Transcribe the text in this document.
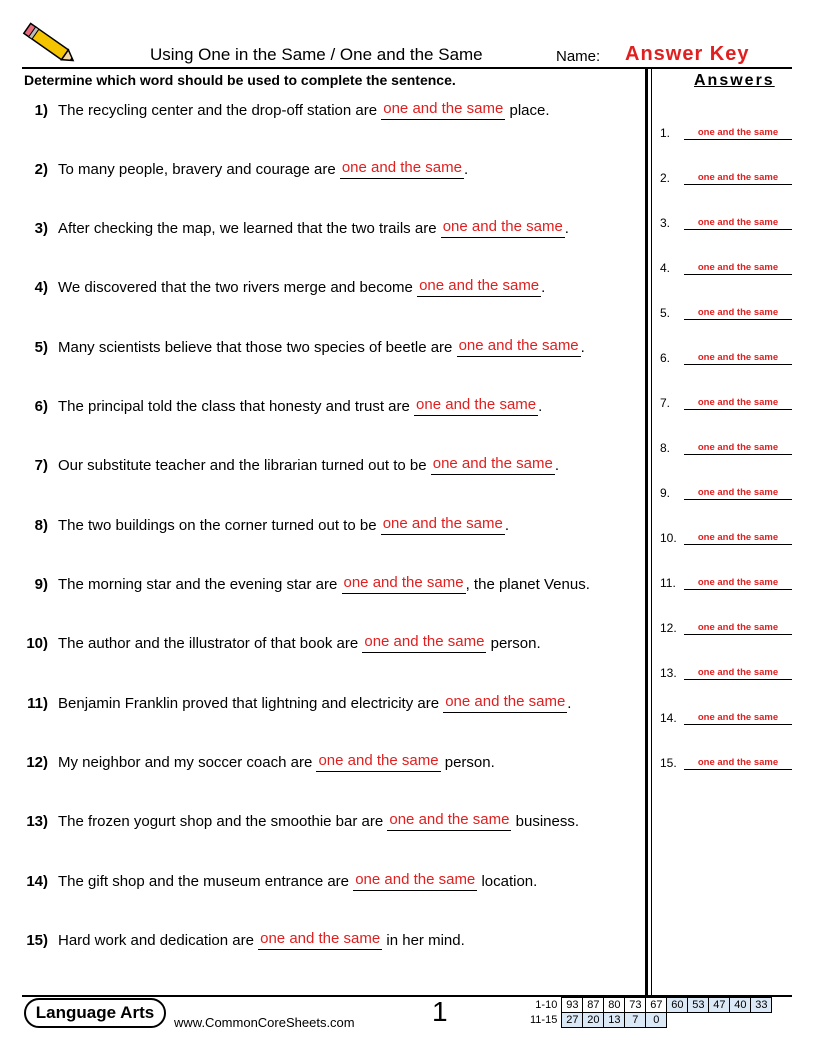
Using One in the Same / One and the Same	Name: Answer Key
Determine which word should be used to complete the sentence.	Answers
1) The recycling center and the drop-off station are one and the same place.
2) To many people, bravery and courage are one and the same .
3) After checking the map, we learned that the two trails are one and the same .
4) We discovered that the two rivers merge and become one and the same .
5) Many scientists believe that those two species of beetle are one and the same .
6) The principal told the class that honesty and trust are one and the same .
7) Our substitute teacher and the librarian turned out to be one and the same .
8) The two buildings on the corner turned out to be one and the same .
9) The morning star and the evening star are one and the same , the planet Venus.
10) The author and the illustrator of that book are one and the same person.
11) Benjamin Franklin proved that lightning and electricity are one and the same .
12) My neighbor and my soccer coach are one and the same person.
13) The frozen yogurt shop and the smoothie bar are one and the same business.
14) The gift shop and the museum entrance are one and the same location.
15) Hard work and dedication are one and the same in her mind.
1.	one and the same
2.	one and the same
3.	one and the same
4.	one and the same
5.	one and the same
6.	one and the same
7.	one and the same
8.	one and the same
9.	one and the same
10.	one and the same
11.	one and the same
12.	one and the same
13.	one and the same
14.	one and the same
15.	one and the same
Language Arts
www.CommonCoreSheets.com	1	1-10	93	87	80	73	67	60	53	47	40	33
11-15	27	20	13	7	0					
